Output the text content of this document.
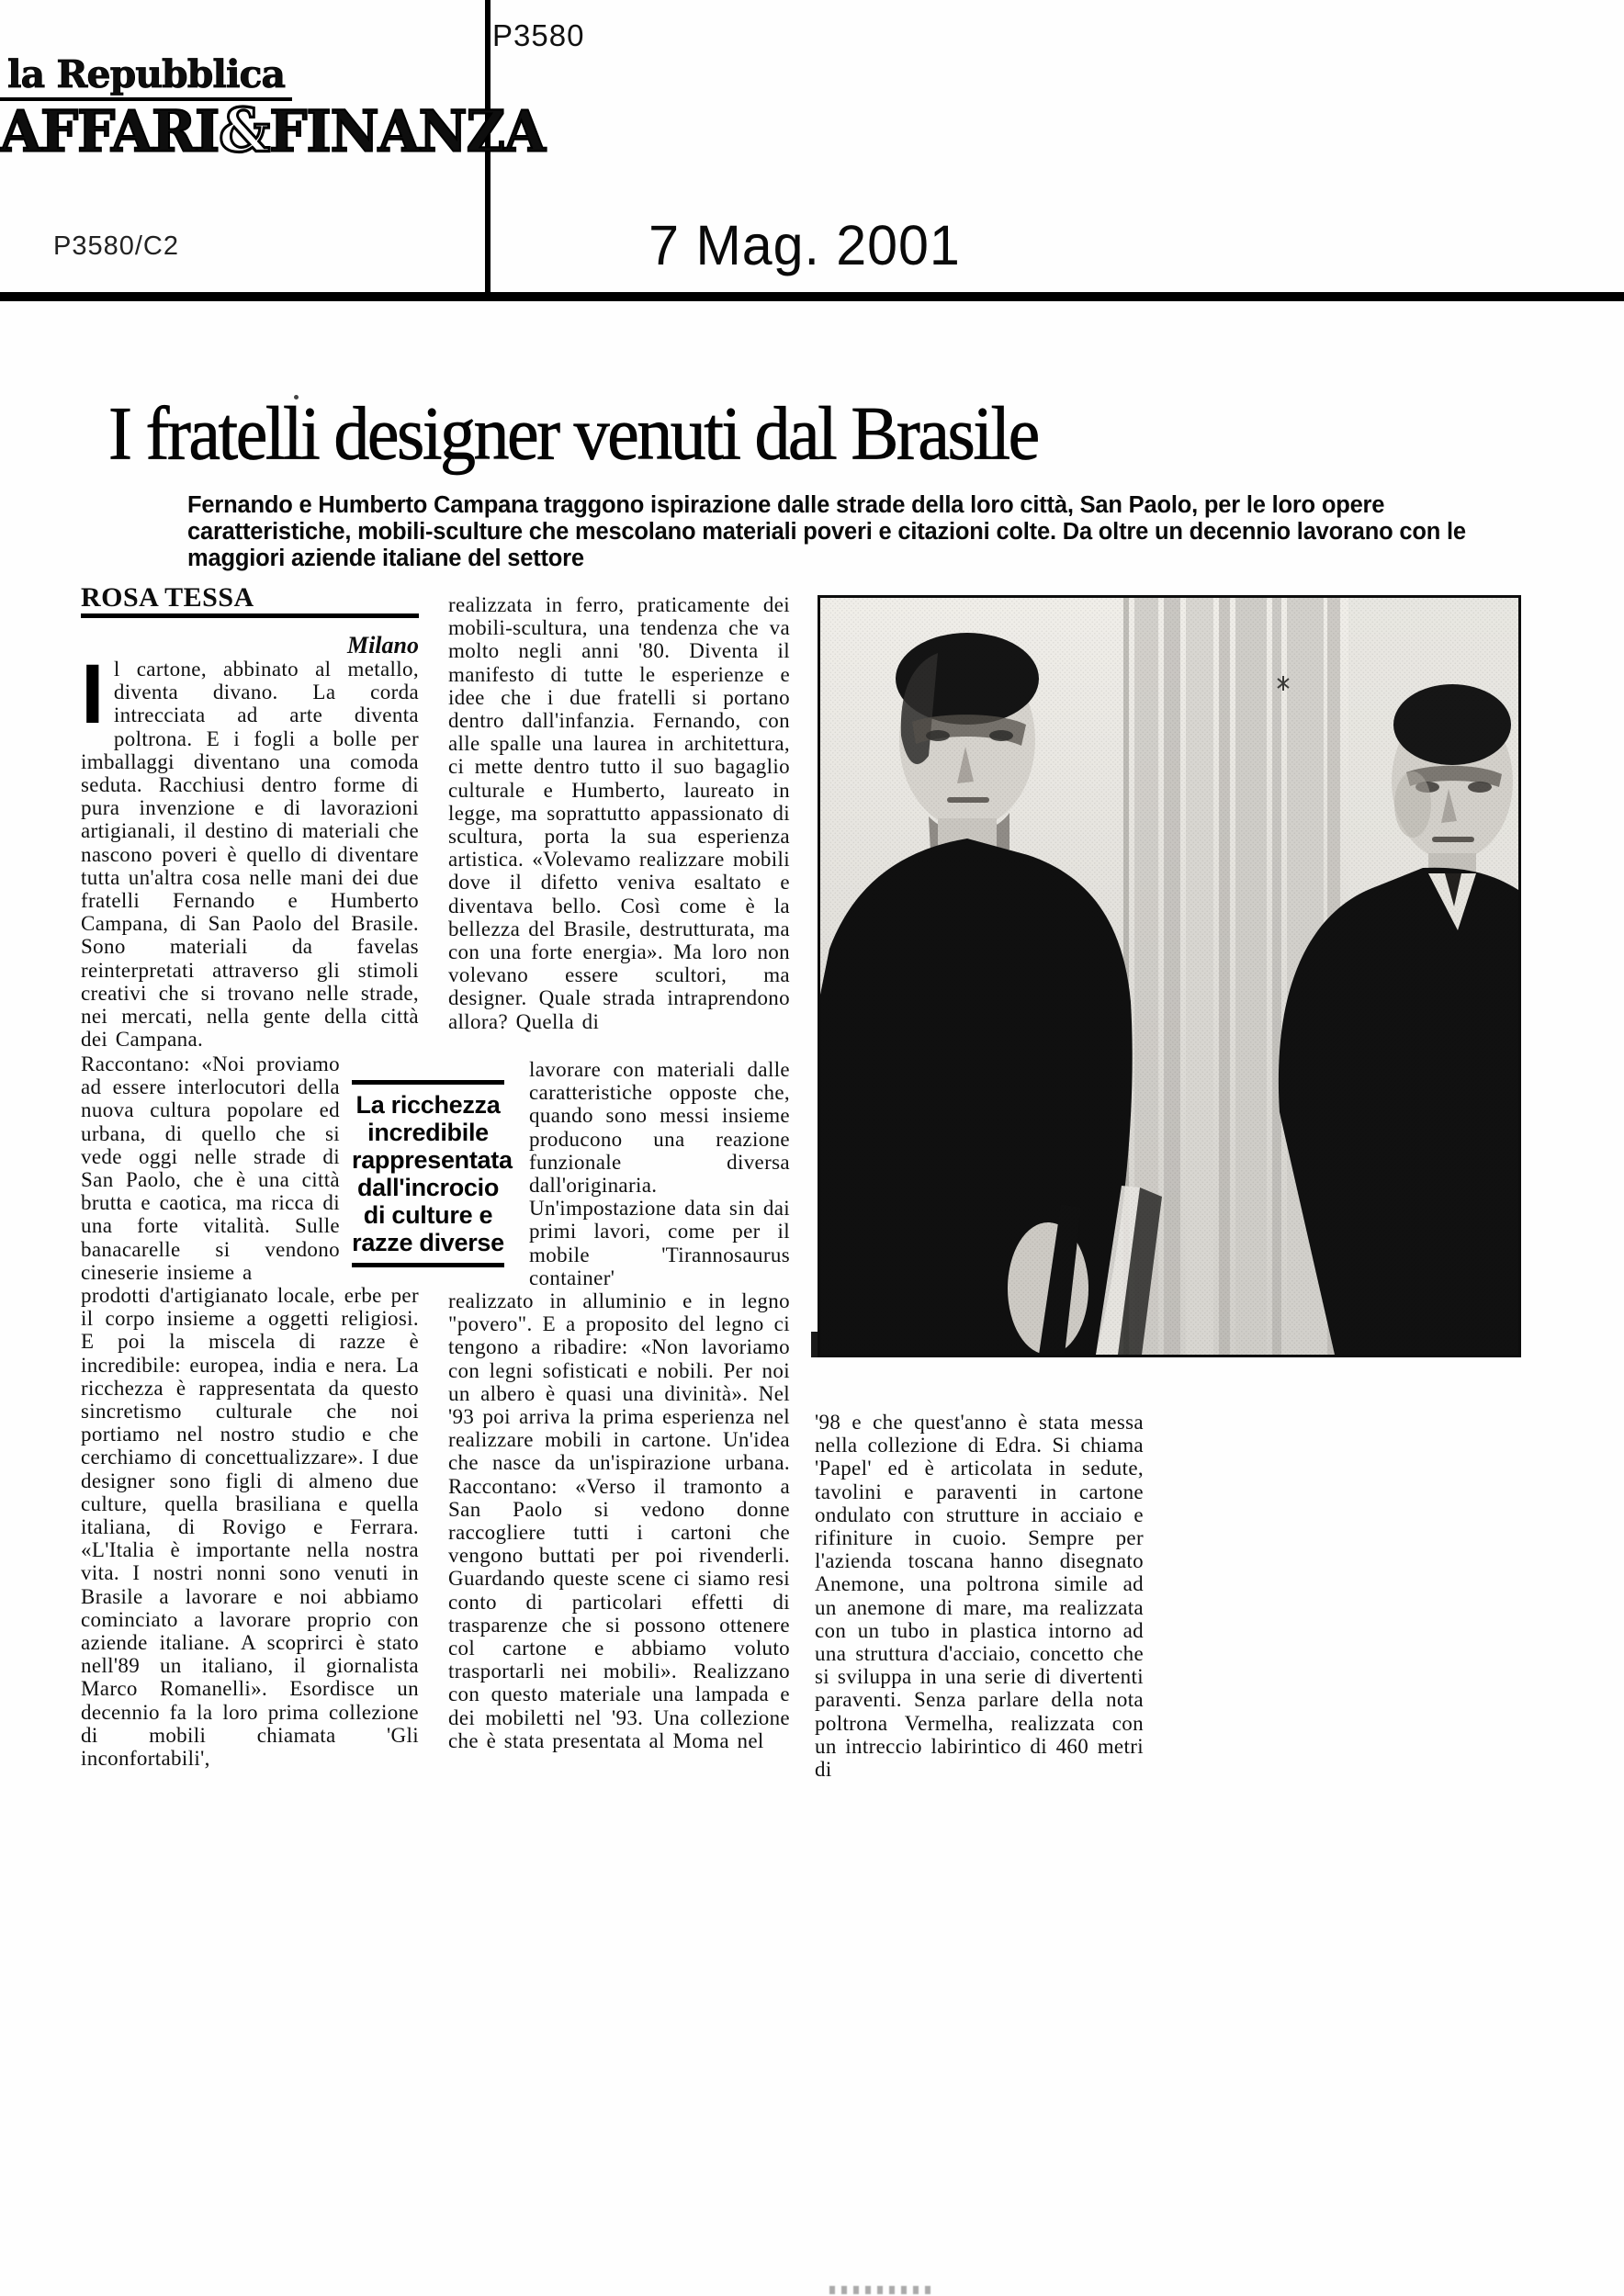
P3580
la Repubblica
AFFARI&FINANZA
P3580/C2	7 Mag. 2001
I fratelli designer venuti dal Brasile

Fernando e Humberto Campana traggono ispirazione dalle strade della loro città, San Paolo, per le loro opere caratteristiche, mobili-sculture che mescolano materiali poveri e citazioni colte. Da oltre un decennio lavorano con le maggiori aziende italiane del settore

ROSA TESSA
Milano
Il cartone, abbinato al metallo, diventa divano. La corda intrecciata ad arte diventa poltrona. E i fogli a bolle per imballaggi diventano una comoda seduta. Racchiusi dentro forme di pura invenzione e di lavorazioni artigianali, il destino di materiali che nascono poveri è quello di diventare tutta un'altra cosa nelle mani dei due fratelli Fernando e Humberto Campana, di San Paolo del Brasile. Sono materiali da favelas reinterpretati attraverso gli stimoli creativi che si trovano nelle strade, nei mercati, nella gente della città dei Campana.
Raccontano: «Noi proviamo ad essere interlocutori della nuova cultura popolare ed urbana, di quello che si vede oggi nelle strade di San Paolo, che è una città brutta e caotica, ma ricca di una forte vitalità. Sulle banacarelle si vendono cineserie insieme a
prodotti d'artigianato locale, erbe per il corpo insieme a oggetti religiosi. E poi la miscela di razze è incredibile: europea, india e nera. La ricchezza è rappresentata da questo sincretismo culturale che noi portiamo nel nostro studio e che cerchiamo di concettualizzare». I due designer sono figli di almeno due culture, quella brasiliana e quella italiana, di Rovigo e Ferrara. «L'Italia è importante nella nostra vita. I nostri nonni sono venuti in Brasile a lavorare e noi abbiamo cominciato a lavorare proprio con aziende italiane. A scoprirci è stato nell'89 un italiano, il giornalista Marco Romanelli». Esordisce un decennio fa la loro prima collezione di mobili chiamata 'Gli inconfortabili',

La ricchezza incredibile rappresentata dall'incrocio di culture e razze diverse

realizzata in ferro, praticamente dei mobili-scultura, una tendenza che va molto negli anni '80. Diventa il manifesto di tutte le esperienze e idee che i due fratelli si portano dentro dall'infanzia. Fernando, con alle spalle una laurea in architettura, ci mette dentro tutto il suo bagaglio culturale e Humberto, laureato in legge, ma soprattutto appassionato di scultura, porta la sua esperienza artistica. «Volevamo realizzare mobili dove il difetto veniva esaltato e diventava bello. Così come è la bellezza del Brasile, destrutturata, ma con una forte energia». Ma loro non volevano essere scultori, ma designer. Quale strada intraprendono allora? Quella di
lavorare con materiali dalle caratteristiche opposte che, quando sono messi insieme producono una reazione funzionale diversa dall'originaria. Un'impostazione data sin dai primi lavori, come per il mobile 'Tirannosaurus container'
realizzato in alluminio e in legno "povero". E a proposito del legno ci tengono a ribadire: «Non lavoriamo con legni sofisticati e nobili. Per noi un albero è quasi una divinità». Nel '93 poi arriva la prima esperienza nel realizzare mobili in cartone. Un'idea che nasce da un'ispirazione urbana. Raccontano: «Verso il tramonto a San Paolo si vedono donne raccogliere tutti i cartoni che vengono buttati per poi rivenderli. Guardando queste scene ci siamo resi conto di particolari effetti di trasparenze che si possono ottenere col cartone e abbiamo voluto trasportarli nei mobili». Realizzano con questo materiale una lampada e dei mobiletti nel '93. Una collezione che è stata presentata al Moma nel
'98 e che quest'anno è stata messa nella collezione di Edra. Si chiama 'Papel' ed è articolata in sedute, tavolini e paraventi in cartone ondulato con strutture in acciaio e rifiniture in cuoio. Sempre per l'azienda toscana hanno disegnato Anemone, una poltrona simile ad un anemone di mare, ma realizzata con un tubo in plastica intorno ad una struttura d'acciaio, concetto che si sviluppa in una serie di divertenti paraventi. Senza parlare della nota poltrona Vermelha, realizzata con un intreccio labirintico di 460 metri di
